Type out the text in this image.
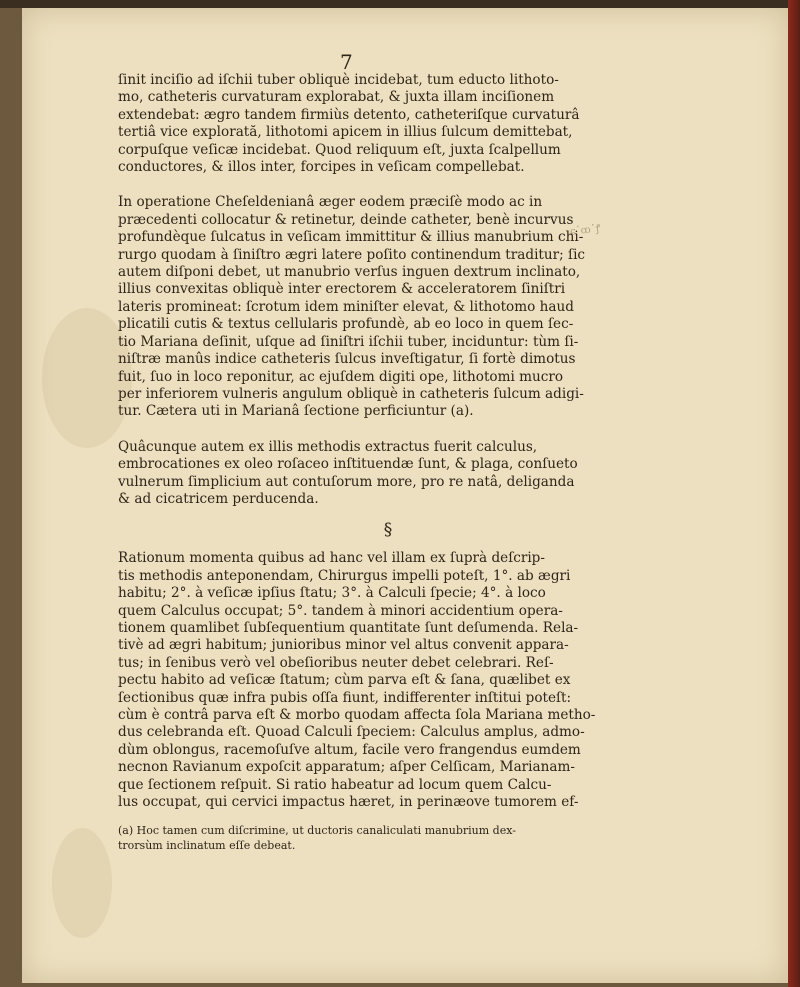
7
ɕ᾽ꝏ᾽ꝭ
ſinit inciſio ad iſchii tuber obliquè incidebat, tum eductо lithoto-
mo, catheteris curvaturam explorabat, & juxta illam inciſionem
extendebat: ægro tandem firmiùs detento, catheteriſque curvaturâ
tertiâ vice explorată, lithotomi apicem in illius ſulcum demittebat,
corpuſque veſicæ incidebat. Quod reliquum eſt, juxta ſcalpellum
conductores, & illos inter, forcipes in veſicam compellebat.
In operatione Cheſeldenianâ æger eodem præciſè modo ac in
præcedenti collocatur & retinetur, deinde catheter, benè incurvus
profundèque ſulcatus in veſicam immittitur & illius manubrium chi-
rurgo quodam à ſiniſtro ægri latere poſito continendum traditur; ſic
autem diſponi debet, ut manubrio verſus inguen dextrum inclinato,
illius convexitas obliquè inter erectorem & acceleratorem ſiniſtri
lateris promineat: ſcrotum idem miniſter elevat, & lithotomo haud
plicatili cutis & textus cellularis profundè, ab eo loco in quem ſec-
tio Mariana deſinit, uſque ad ſiniſtri iſchii tuber, inciduntur: tùm ſi-
niſtræ manûs indice catheteris ſulcus inveſtigatur, ſi fortè dimotus
fuit, ſuo in loco reponitur, ac ejuſdem digiti ope, lithotomi mucro
per inferiorem vulneris angulum obliquè in catheteris ſulcum adigi-
tur. Cætera uti in Marianâ ſectione perficiuntur (a).
Quâcunque autem ex illis methodis extractus fuerit calculus,
embrocationes ex oleo roſaceo inſtituendæ ſunt, & plaga, conſueto
vulnerum ſimplicium aut contuſorum more, pro re natâ, deliganda
& ad cicatricem perducenda.
§
Rationum momenta quibus ad hanc vel illam ex ſuprà deſcrip-
tis methodis anteponendam, Chirurgus impelli poteſt, 1°. ab ægri
habitu; 2°. à veſicæ ipſius ſtatu; 3°. à Calculi ſpecie; 4°. à loco
quem Calculus occupat; 5°. tandem à minori accidentium opera-
tionem quamlibet ſubſequentium quantitate ſunt deſumenda. Rela-
tivè ad ægri habitum; junioribus minor vel altus convenit appara-
tus; in ſenibus verò vel obeſioribus neuter debet celebrari. Reſ-
pectu habito ad veſicæ ſtatum; cùm parva eſt & ſana, quælibet ex
ſectionibus quæ infra pubis oſſa fiunt, indifferenter inſtitui poteſt:
cùm è contrâ parva eſt & morbo quodam affecta ſola Mariana metho-
dus celebranda eſt. Quoad Calculi ſpeciem: Calculus amplus, admo-
dùm oblongus, racemoſuſve altum, facile vero frangendus eumdem
necnon Ravianum expoſcit apparatum; aſper Celſicam, Marianam-
que ſectionem reſpuit. Si ratio habeatur ad locum quem Calcu-
lus occupat, qui cervici impactus hæret, in perinæove tumorem ef-
(a) Hoc tamen cum diſcrimine, ut ductoris canaliculati manubrium dex-
trorsùm inclinatum eſſe debeat.
